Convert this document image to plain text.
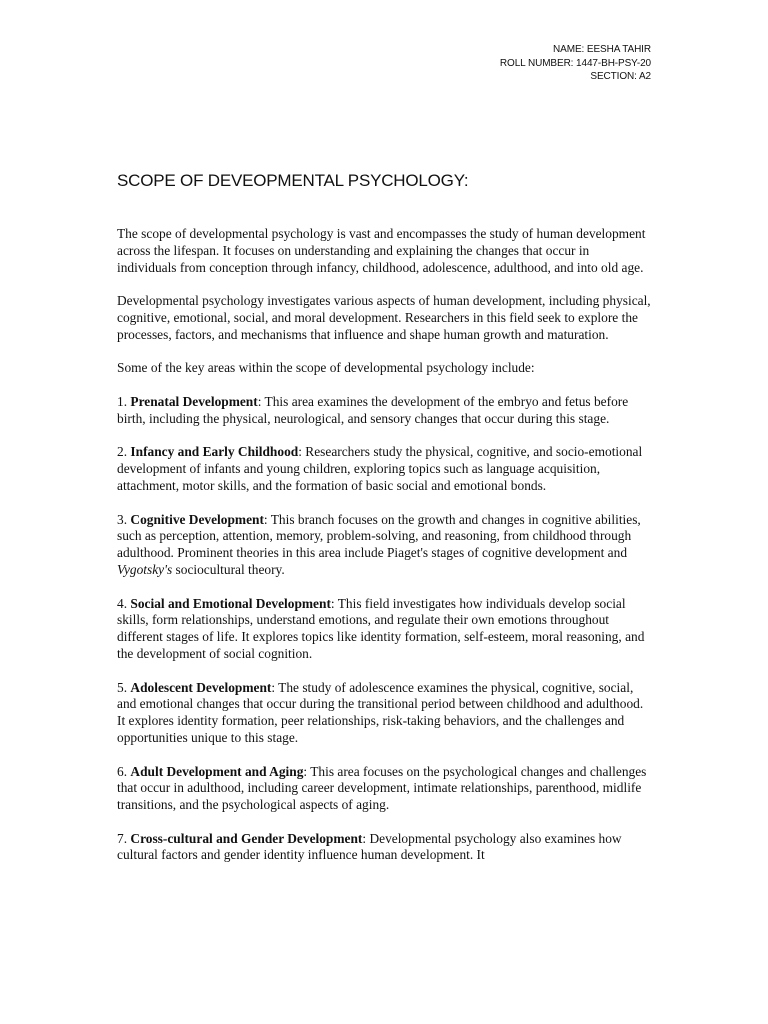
NAME: EESHA TAHIR
ROLL NUMBER: 1447-BH-PSY-20
SECTION: A2
SCOPE OF DEVEOPMENTAL PSYCHOLOGY:

The scope of developmental psychology is vast and encompasses the study of human development across the lifespan. It focuses on understanding and explaining the changes that occur in individuals from conception through infancy, childhood, adolescence, adulthood, and into old age.

Developmental psychology investigates various aspects of human development, including physical, cognitive, emotional, social, and moral development. Researchers in this field seek to explore the processes, factors, and mechanisms that influence and shape human growth and maturation.

Some of the key areas within the scope of developmental psychology include:

1. Prenatal Development: This area examines the development of the embryo and fetus before birth, including the physical, neurological, and sensory changes that occur during this stage.

2. Infancy and Early Childhood: Researchers study the physical, cognitive, and socio-emotional development of infants and young children, exploring topics such as language acquisition, attachment, motor skills, and the formation of basic social and emotional bonds.

3. Cognitive Development: This branch focuses on the growth and changes in cognitive abilities, such as perception, attention, memory, problem-solving, and reasoning, from childhood through adulthood. Prominent theories in this area include Piaget's stages of cognitive development and Vygotsky's sociocultural theory.

4. Social and Emotional Development: This field investigates how individuals develop social skills, form relationships, understand emotions, and regulate their own emotions throughout different stages of life. It explores topics like identity formation, self-esteem, moral reasoning, and the development of social cognition.

5. Adolescent Development: The study of adolescence examines the physical, cognitive, social, and emotional changes that occur during the transitional period between childhood and adulthood. It explores identity formation, peer relationships, risk-taking behaviors, and the challenges and opportunities unique to this stage.

6. Adult Development and Aging: This area focuses on the psychological changes and challenges that occur in adulthood, including career development, intimate relationships, parenthood, midlife transitions, and the psychological aspects of aging.

7. Cross-cultural and Gender Development: Developmental psychology also examines how cultural factors and gender identity influence human development. It
